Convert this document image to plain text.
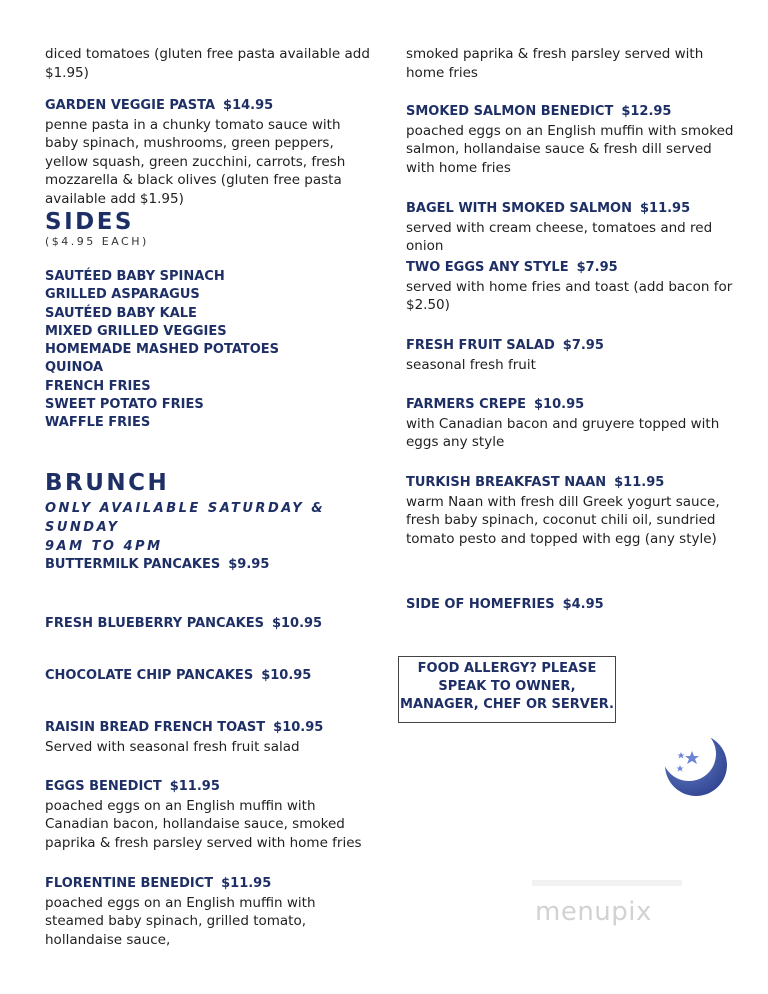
diced tomatoes (gluten free pasta available add $1.95)

GARDEN VEGGIE PASTA $14.95

penne pasta in a chunky tomato sauce with baby spinach, mushrooms, green peppers, yellow squash, green zucchini, carrots, fresh mozzarella & black olives (gluten free pasta available add $1.95)

SIDES

($4.95 EACH)

SAUTÉED BABY SPINACH
GRILLED ASPARAGUS
SAUTÉED BABY KALE
MIXED GRILLED VEGGIES
HOMEMADE MASHED POTATOES
QUINOA
FRENCH FRIES
SWEET POTATO FRIES
WAFFLE FRIES

BRUNCH

ONLY AVAILABLE SATURDAY & SUNDAY

9AM TO 4PM

BUTTERMILK PANCAKES $9.95

FRESH BLUEBERRY PANCAKES $10.95

CHOCOLATE CHIP PANCAKES $10.95

RAISIN BREAD FRENCH TOAST $10.95

Served with seasonal fresh fruit salad

EGGS BENEDICT $11.95

poached eggs on an English muffin with Canadian bacon, hollandaise sauce, smoked paprika & fresh parsley served with home fries

FLORENTINE BENEDICT $11.95

poached eggs on an English muffin with steamed baby spinach, grilled tomato, hollandaise sauce,

smoked paprika & fresh parsley served with home fries

SMOKED SALMON BENEDICT $12.95

poached eggs on an English muffin with smoked salmon, hollandaise sauce & fresh dill served with home fries

BAGEL WITH SMOKED SALMON $11.95

served with cream cheese, tomatoes and red onion

TWO EGGS ANY STYLE $7.95

served with home fries and toast (add bacon for $2.50)

FRESH FRUIT SALAD $7.95

seasonal fresh fruit

FARMERS CREPE $10.95

with Canadian bacon and gruyere topped with eggs any style

TURKISH BREAKFAST NAAN $11.95

warm Naan with fresh dill Greek yogurt sauce, fresh baby spinach, coconut chili oil, sundried tomato pesto and topped with egg (any style)

SIDE OF HOMEFRIES $4.95

FOOD ALLERGY? PLEASE SPEAK TO OWNER, MANAGER, CHEF OR SERVER.
menupix
